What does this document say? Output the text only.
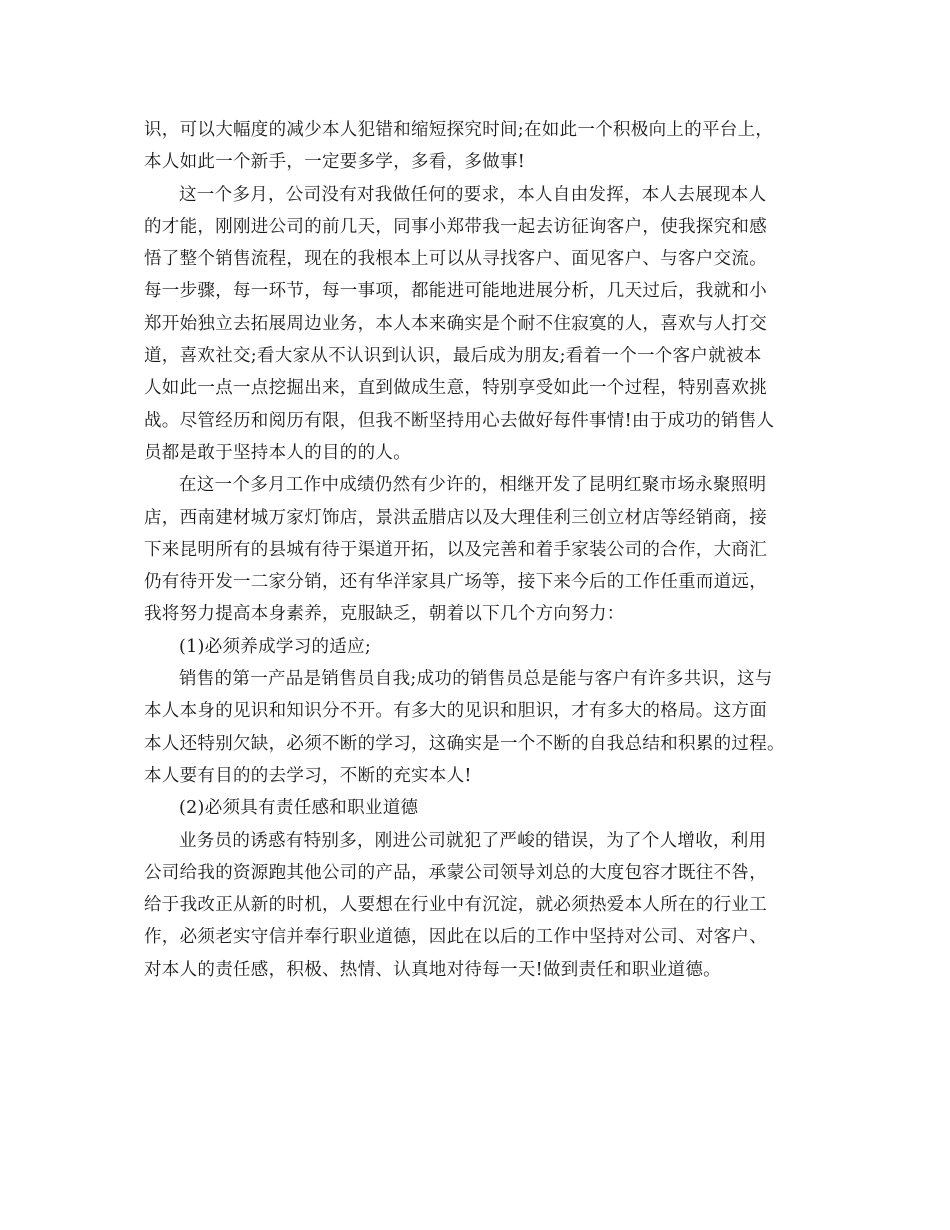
识，可以大幅度的减少本人犯错和缩短探究时间;在如此一个积极向上的平台上，
本人如此一个新手，一定要多学，多看，多做事!
这一个多月，公司没有对我做任何的要求，本人自由发挥，本人去展现本人
的才能，刚刚进公司的前几天，同事小郑带我一起去访征询客户，使我探究和感
悟了整个销售流程，现在的我根本上可以从寻找客户、面见客户、与客户交流。
每一步骤，每一环节，每一事项，都能进可能地进展分析，几天过后，我就和小
郑开始独立去拓展周边业务，本人本来确实是个耐不住寂寞的人，喜欢与人打交
道，喜欢社交;看大家从不认识到认识，最后成为朋友;看着一个一个客户就被本
人如此一点一点挖掘出来，直到做成生意，特别享受如此一个过程，特别喜欢挑
战。尽管经历和阅历有限，但我不断坚持用心去做好每件事情!由于成功的销售人
员都是敢于坚持本人的目的的人。
在这一个多月工作中成绩仍然有少许的，相继开发了昆明红聚市场永聚照明
店，西南建材城万家灯饰店，景洪孟腊店以及大理佳利三创立材店等经销商，接
下来昆明所有的县城有待于渠道开拓，以及完善和着手家装公司的合作，大商汇
仍有待开发一二家分销，还有华洋家具广场等，接下来今后的工作任重而道远，
我将努力提高本身素养，克服缺乏，朝着以下几个方向努力：
(1)必须养成学习的适应;
销售的第一产品是销售员自我;成功的销售员总是能与客户有许多共识，这与
本人本身的见识和知识分不开。有多大的见识和胆识，才有多大的格局。这方面
本人还特别欠缺，必须不断的学习，这确实是一个不断的自我总结和积累的过程。
本人要有目的的去学习，不断的充实本人!
(2)必须具有责任感和职业道德
业务员的诱惑有特别多，刚进公司就犯了严峻的错误，为了个人增收，利用
公司给我的资源跑其他公司的产品，承蒙公司领导刘总的大度包容才既往不咎，
给于我改正从新的时机，人要想在行业中有沉淀，就必须热爱本人所在的行业工
作，必须老实守信并奉行职业道德，因此在以后的工作中坚持对公司、对客户、
对本人的责任感，积极、热情、认真地对待每一天!做到责任和职业道德。
